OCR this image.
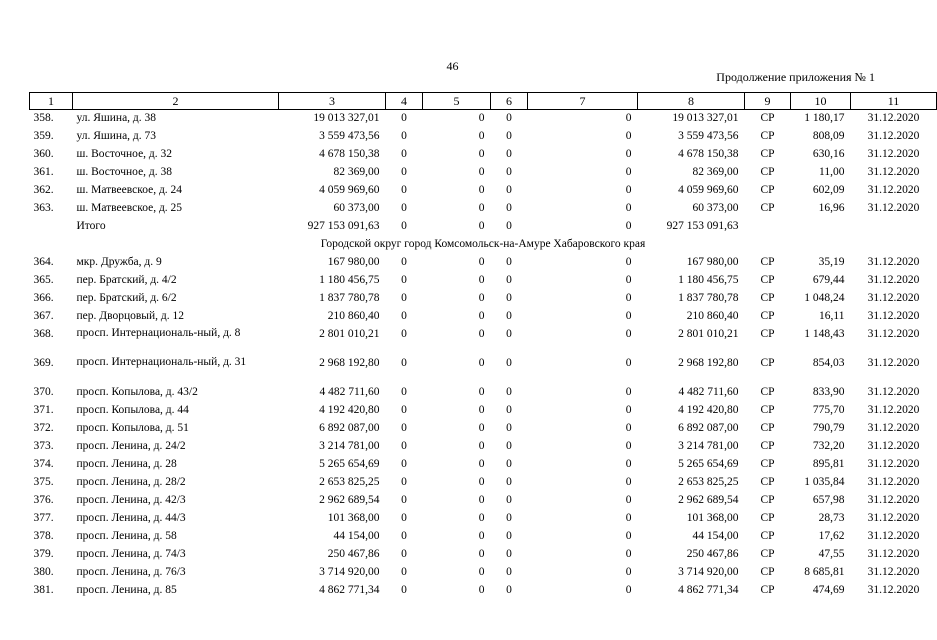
46
Продолжение приложения № 1
1	2	3	4	5	6	7	8	9	10	11
358.	ул. Яшина, д. 38	19 013 327,01	0	0	0	0	19 013 327,01	СР	1 180,17	31.12.2020
359.	ул. Яшина, д. 73	3 559 473,56	0	0	0	0	3 559 473,56	СР	808,09	31.12.2020
360.	ш. Восточное, д. 32	4 678 150,38	0	0	0	0	4 678 150,38	СР	630,16	31.12.2020
361.	ш. Восточное, д. 38	82 369,00	0	0	0	0	82 369,00	СР	11,00	31.12.2020
362.	ш. Матвеевское, д. 24	4 059 969,60	0	0	0	0	4 059 969,60	СР	602,09	31.12.2020
363.	ш. Матвеевское, д. 25	60 373,00	0	0	0	0	60 373,00	СР	16,96	31.12.2020
	Итого	927 153 091,63	0	0	0	0	927 153 091,63			
Городской округ город Комсомольск-на-Амуре Хабаровского края										
364.	мкр. Дружба, д. 9	167 980,00	0	0	0	0	167 980,00	СР	35,19	31.12.2020
365.	пер. Братский, д. 4/2	1 180 456,75	0	0	0	0	1 180 456,75	СР	679,44	31.12.2020
366.	пер. Братский, д. 6/2	1 837 780,78	0	0	0	0	1 837 780,78	СР	1 048,24	31.12.2020
367.	пер. Дворцовый, д. 12	210 860,40	0	0	0	0	210 860,40	СР	16,11	31.12.2020
368.	просп. Интернациональ-ный, д. 8	2 801 010,21	0	0	0	0	2 801 010,21	СР	1 148,43	31.12.2020
369.	просп. Интернациональ-ный, д. 31	2 968 192,80	0	0	0	0	2 968 192,80	СР	854,03	31.12.2020
370.	просп. Копылова, д. 43/2	4 482 711,60	0	0	0	0	4 482 711,60	СР	833,90	31.12.2020
371.	просп. Копылова, д. 44	4 192 420,80	0	0	0	0	4 192 420,80	СР	775,70	31.12.2020
372.	просп. Копылова, д. 51	6 892 087,00	0	0	0	0	6 892 087,00	СР	790,79	31.12.2020
373.	просп. Ленина, д. 24/2	3 214 781,00	0	0	0	0	3 214 781,00	СР	732,20	31.12.2020
374.	просп. Ленина, д. 28	5 265 654,69	0	0	0	0	5 265 654,69	СР	895,81	31.12.2020
375.	просп. Ленина, д. 28/2	2 653 825,25	0	0	0	0	2 653 825,25	СР	1 035,84	31.12.2020
376.	просп. Ленина, д. 42/3	2 962 689,54	0	0	0	0	2 962 689,54	СР	657,98	31.12.2020
377.	просп. Ленина, д. 44/3	101 368,00	0	0	0	0	101 368,00	СР	28,73	31.12.2020
378.	просп. Ленина, д. 58	44 154,00	0	0	0	0	44 154,00	СР	17,62	31.12.2020
379.	просп. Ленина, д. 74/3	250 467,86	0	0	0	0	250 467,86	СР	47,55	31.12.2020
380.	просп. Ленина, д. 76/3	3 714 920,00	0	0	0	0	3 714 920,00	СР	8 685,81	31.12.2020
381.	просп. Ленина, д. 85	4 862 771,34	0	0	0	0	4 862 771,34	СР	474,69	31.12.2020
